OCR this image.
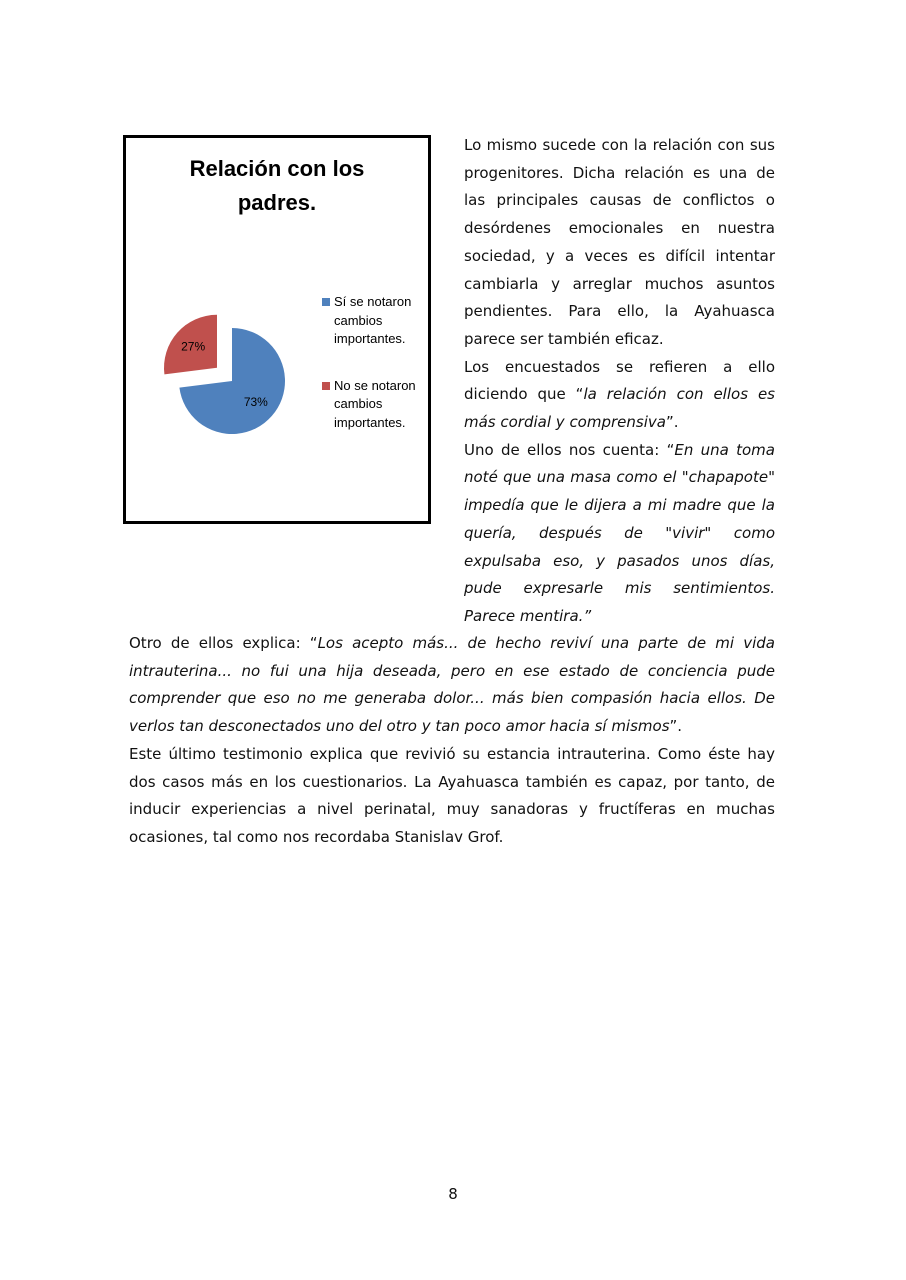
Relación con los padres.
73%
27%
Sí se notaron cambios importantes.
No se notaron cambios importantes.

Lo mismo sucede con la relación con sus progenitores. Dicha relación es una de las principales causas de conflictos o desórdenes emocionales en nuestra sociedad, y a veces es difícil intentar cambiarla y arreglar muchos asuntos pendientes. Para ello, la Ayahuasca parece ser también eficaz.

Los encuestados se refieren a ello diciendo que “la relación con ellos es más cordial y comprensiva”.

Uno de ellos nos cuenta: “En una toma noté que una masa como el "chapapote" impedía que le dijera a mi madre que la quería, después de "vivir" como expulsaba eso, y pasados unos días, pude expresarle mis sentimientos. Parece mentira.”

Otro de ellos explica: “Los acepto más... de hecho reviví una parte de mi vida intrauterina... no fui una hija deseada, pero en ese estado de conciencia pude comprender que eso no me generaba dolor... más bien compasión hacia ellos. De verlos tan desconectados uno del otro y tan poco amor hacia sí mismos”.

Este último testimonio explica que revivió su estancia intrauterina. Como éste hay dos casos más en los cuestionarios. La Ayahuasca también es capaz, por tanto, de inducir experiencias a nivel perinatal, muy sanadoras y fructíferas en muchas ocasiones, tal como nos recordaba Stanislav Grof.

8
